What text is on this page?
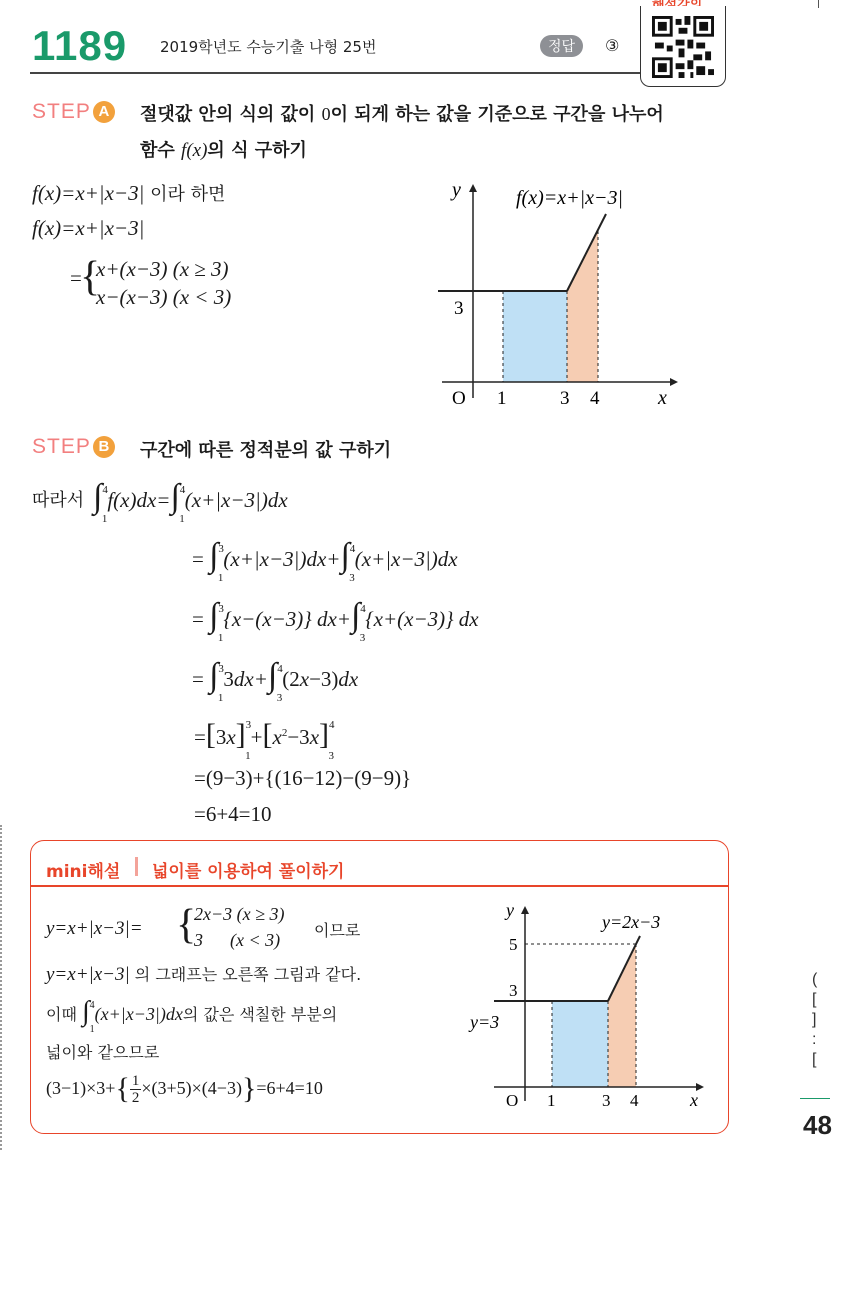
1189 2019학년도 수능기출 나형 25번	정답	③
STEP A	절댓값 안의 식의 값이 0이 되게 하는 값을 기준으로 구간을 나누어
함수 f(x)의 식 구하기
f(x)=x+|x−3| 이라 하면
f(x)=x+|x−3|
=
{
x+(x−3) (x ≥ 3)
x−(x−3) (x < 3)
f(x)=x+|x−3|
y
x
O
3
1	3 4
STEP B	구간에 따른 정적분의 값 구하기
따라서 ∫$^4_1$f(x)dx=∫$^4_1$(x+|x−3|)dx
= ∫$^3_1$(x+|x−3|)dx+∫$^4_3$(x+|x−3|)dx
= ∫$^3_1${x−(x−3)} dx+∫$^4_3${x+(x−3)} dx
= ∫$^3_1$3dx+∫$^4_3$(2x−3)dx
$=[3x]^3_1+[x^2-3x]^4_3$
=(9−3)+{(16−12)−(9−9)}
=6+4=10
mini해설 넓이를 이용하여 풀이하기
y=x+|x−3|= {
2x−3 (x ≥ 3)
3      (x < 3) 이므로
y=x+|x−3| 의 그래프는 오른쪽 그림과 같다.
이때 ∫$^4_1$(x+|x−3|)dx의 값은 색칠한 부분의
넓이와 같으므로
$(3-1)\times 3+\{ \frac{1}{2} \times(3+5)\times(4-3)\}=6+4=10$
y=2x−3
y=3
y
x
O
5
3
1	3 4
(
[
]
:
[
48
